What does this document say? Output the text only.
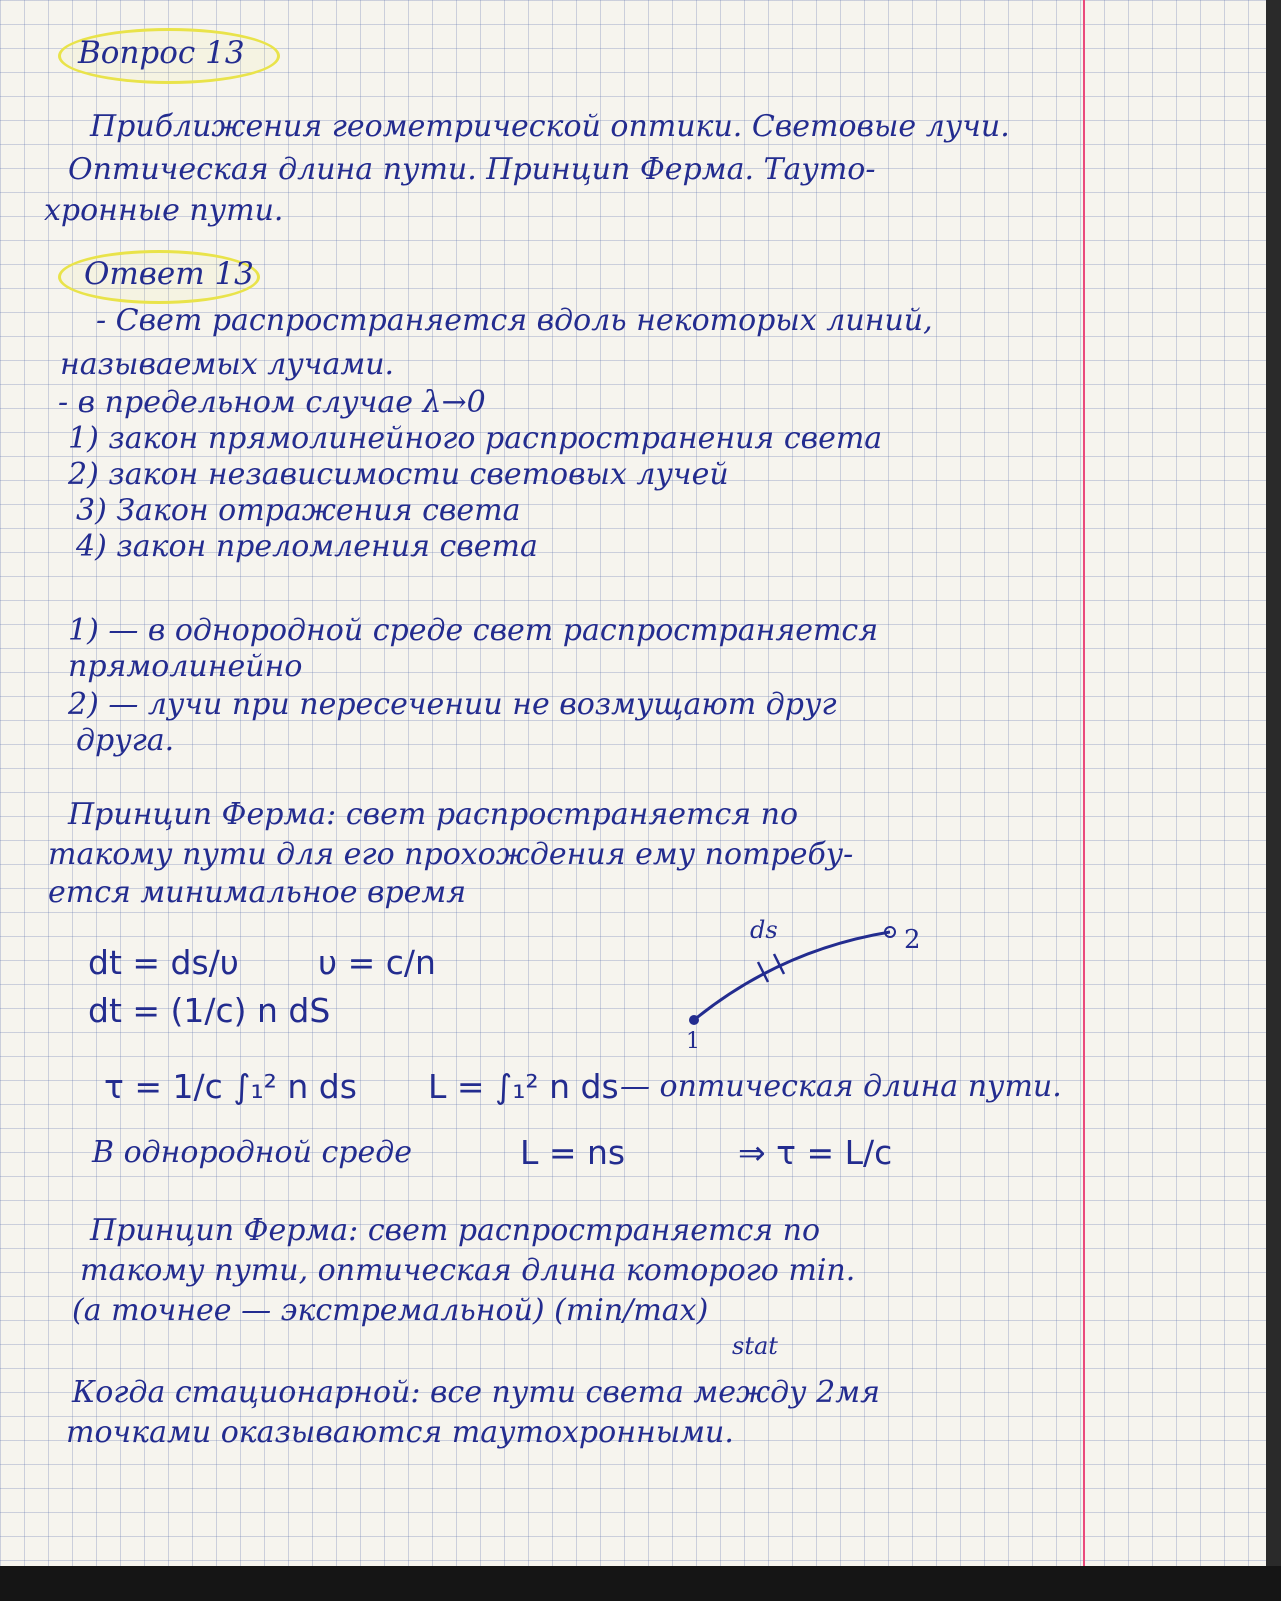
Вопрос 13
Приближения геометрической оптики. Световые лучи.
Оптическая длина пути. Принцип Ферма. Тауто-
хронные пути.
Ответ 13
- Свет распространяется вдоль некоторых линий,
называемых лучами.
- в предельном случае λ→0
1) закон прямолинейного распространения света
2) закон независимости световых лучей
3) Закон отражения света
4) закон преломления света
1) — в однородной среде свет распространяется
прямолинейно
2) — лучи при пересечении не возмущают друг
друга.
Принцип Ферма: свет распространяется по
такому пути для его прохождения ему потребу-
ется минимальное время
dt = ds/υ υ = c/n
dt = (1/c) n dS
τ = 1/c ∫₁² n ds L = ∫₁² n ds — оптическая длина пути.
ds
1
2
В однородной среде	L = ns	⇒ τ = L/c
Принцип Ферма: свет распространяется по
такому пути, оптическая длина которого min.
(а точнее — экстремальной) (min/max)
stat
Когда стационарной: все пути света между 2мя
точками оказываются таутохронными.
